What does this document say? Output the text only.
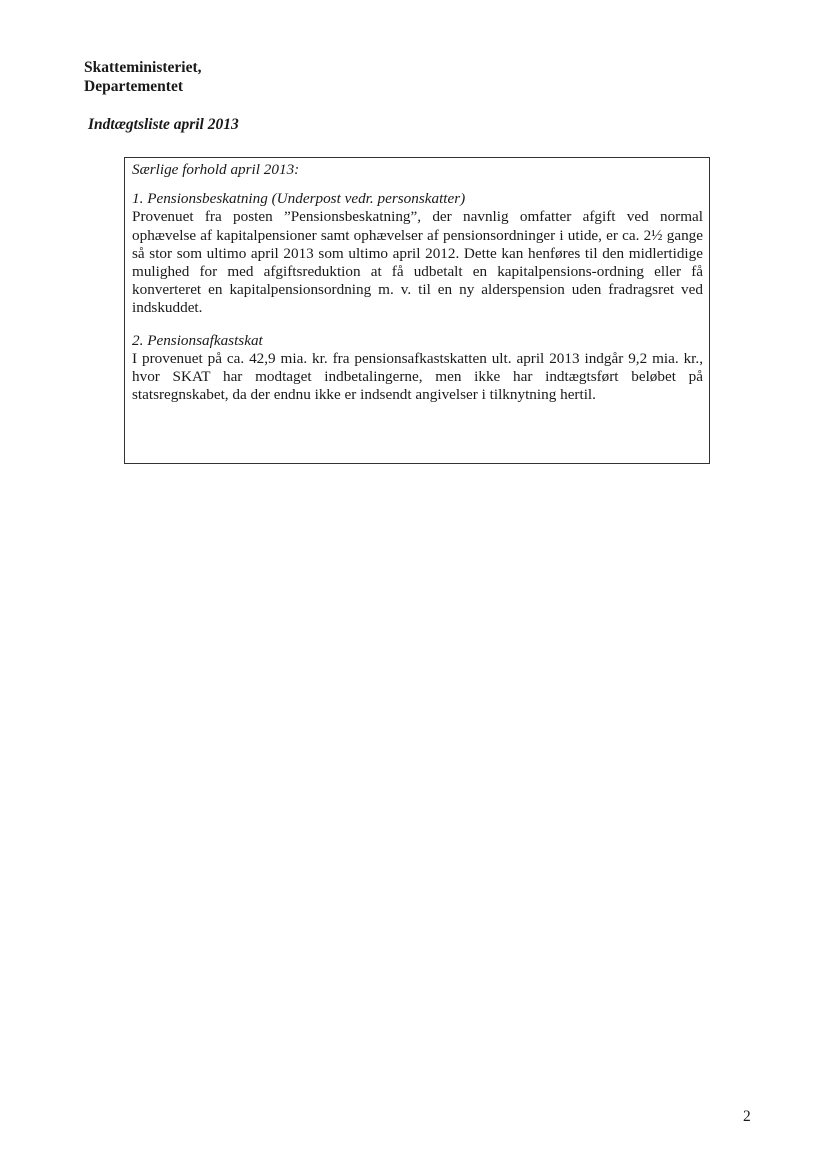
Skatteministeriet,
Departementet
Indtægtsliste april 2013

Særlige forhold april 2013:

1. Pensionsbeskatning (Underpost vedr. personskatter)

Provenuet fra posten ”Pensionsbeskatning”, der navnlig omfatter afgift ved normal ophævelse af kapitalpensioner samt ophævelser af pensionsordninger i utide, er ca. 2½ gange så stor som ultimo april 2013 som ultimo april 2012. Dette kan henføres til den midlertidige mulighed for med afgiftsreduktion at få udbetalt en kapitalpensions-ordning eller få konverteret en kapitalpensionsordning m. v. til en ny alderspension uden fradragsret ved indskuddet.

2. Pensionsafkastskat

I provenuet på ca. 42,9 mia. kr. fra pensionsafkastskatten ult. april 2013 indgår 9,2 mia. kr., hvor SKAT har modtaget indbetalingerne, men ikke har indtægtsført beløbet på statsregnskabet, da der endnu ikke er indsendt angivelser i tilknytning hertil.

2
